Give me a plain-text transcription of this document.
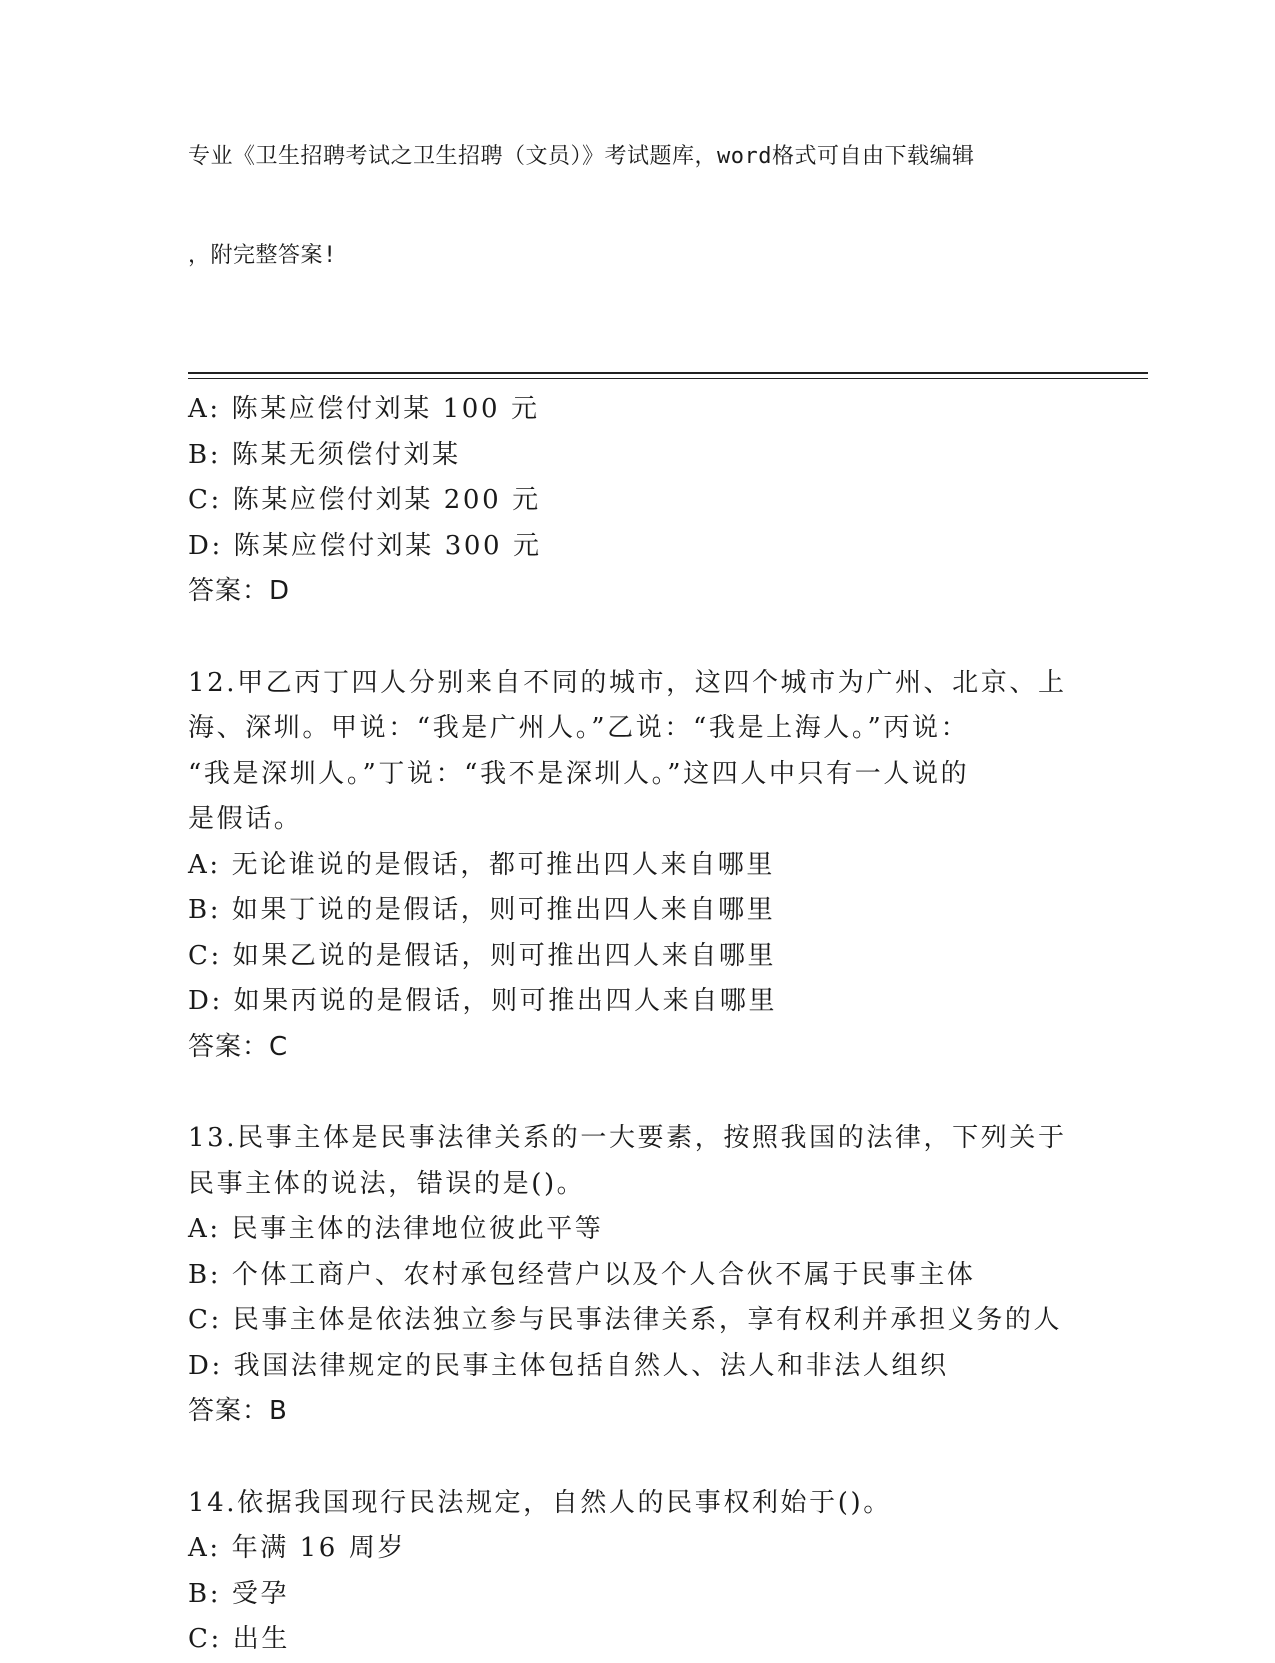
专业《卫生招聘考试之卫生招聘（文员）》考试题库，word格式可自由下载编辑

，附完整答案!

A: 陈某应偿付刘某 100 元
B: 陈某无须偿付刘某
C: 陈某应偿付刘某 200 元
D: 陈某应偿付刘某 300 元
答案：D
12.甲乙丙丁四人分别来自不同的城市，这四个城市为广州、北京、上
海、深圳。甲说：“我是广州人。”乙说：“我是上海人。”丙说：
“我是深圳人。”丁说：“我不是深圳人。”这四人中只有一人说的
是假话。
A: 无论谁说的是假话，都可推出四人来自哪里
B: 如果丁说的是假话，则可推出四人来自哪里
C: 如果乙说的是假话，则可推出四人来自哪里
D: 如果丙说的是假话，则可推出四人来自哪里
答案：C
13.民事主体是民事法律关系的一大要素，按照我国的法律，下列关于
民事主体的说法，错误的是()。
A: 民事主体的法律地位彼此平等
B: 个体工商户、农村承包经营户以及个人合伙不属于民事主体
C: 民事主体是依法独立参与民事法律关系，享有权利并承担义务的人
D: 我国法律规定的民事主体包括自然人、法人和非法人组织
答案：B
14.依据我国现行民法规定，自然人的民事权利始于()。
A: 年满 16 周岁
B: 受孕
C: 出生
